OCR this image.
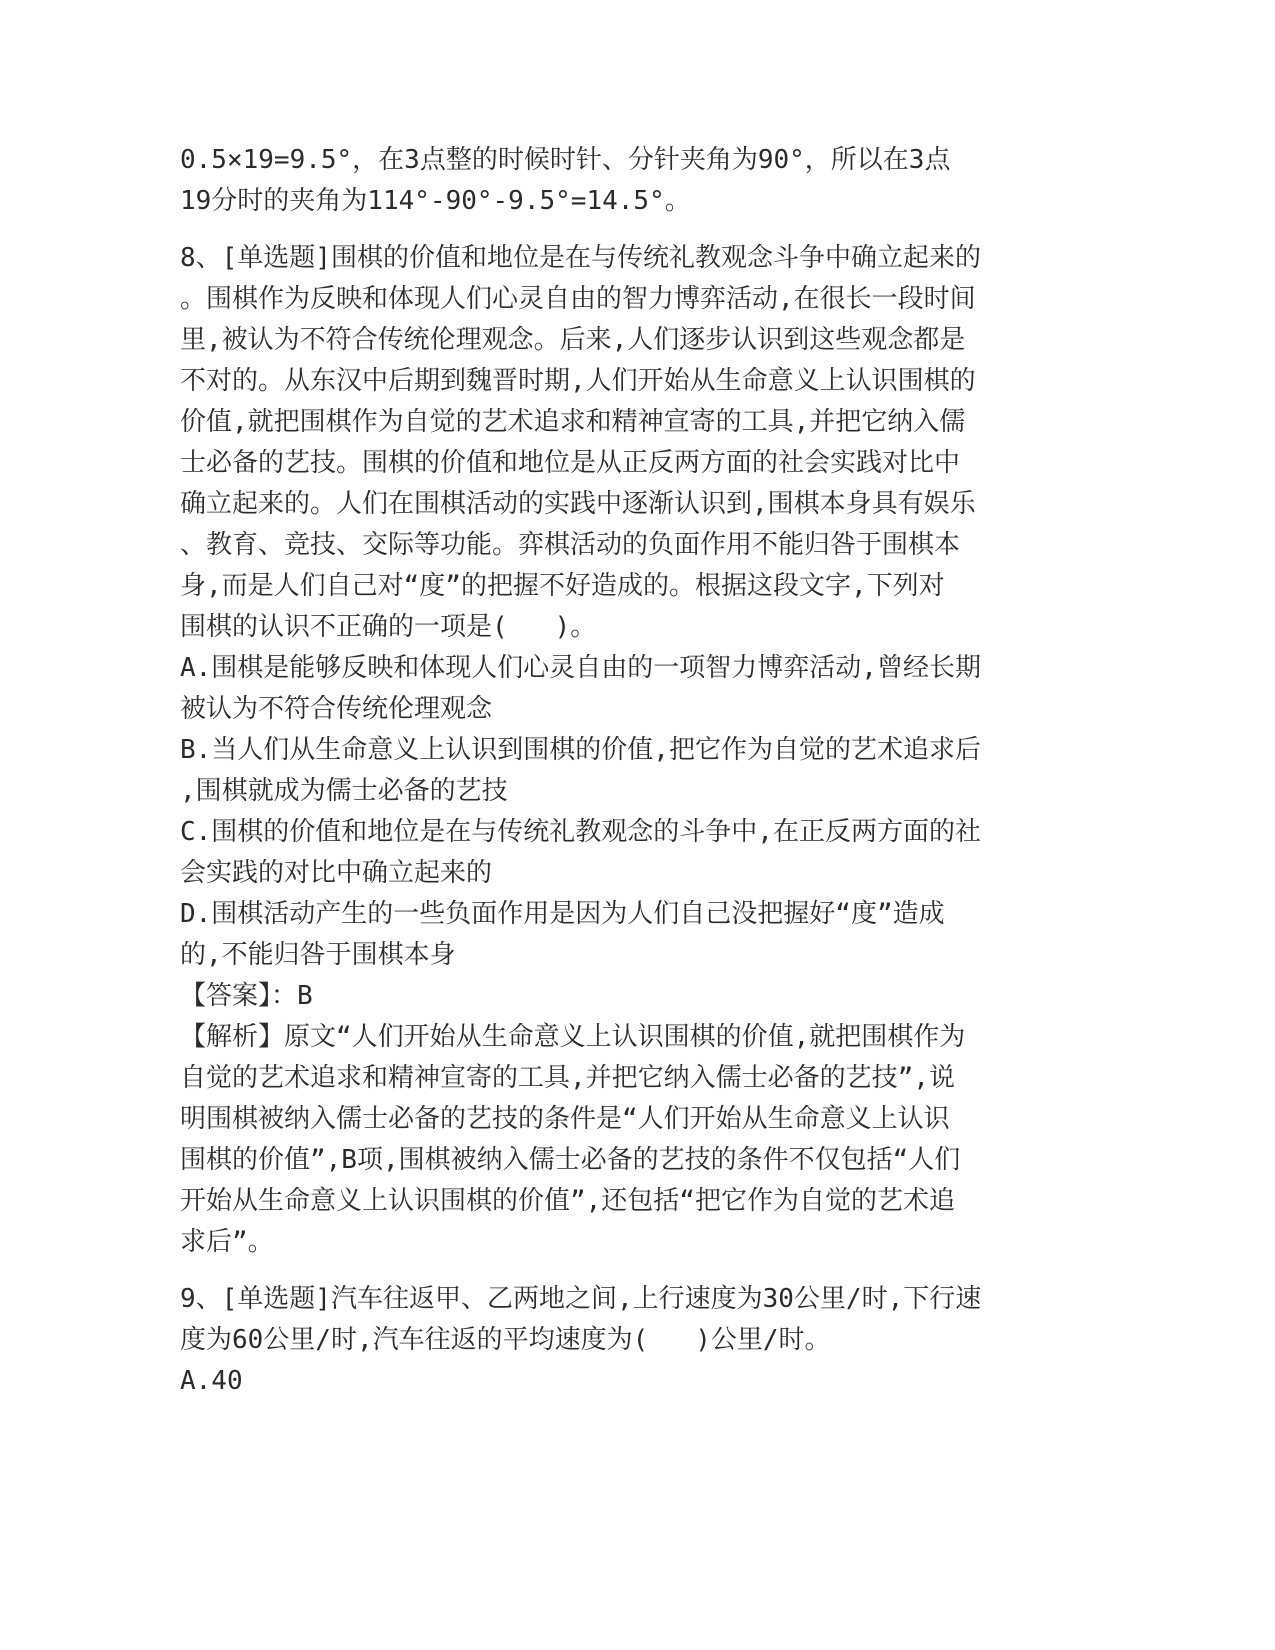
0.5×19=9.5°，在3点整的时候时针、分针夹角为90°，所以在3点
19分时的夹角为114°-90°-9.5°=14.5°。
8、[单选题]围棋的价值和地位是在与传统礼教观念斗争中确立起来的
。围棋作为反映和体现人们心灵自由的智力博弈活动,在很长一段时间
里,被认为不符合传统伦理观念。后来,人们逐步认识到这些观念都是
不对的。从东汉中后期到魏晋时期,人们开始从生命意义上认识围棋的
价值,就把围棋作为自觉的艺术追求和精神宣寄的工具,并把它纳入儒
士必备的艺技。围棋的价值和地位是从正反两方面的社会实践对比中
确立起来的。人们在围棋活动的实践中逐渐认识到,围棋本身具有娱乐
、教育、竞技、交际等功能。弈棋活动的负面作用不能归咎于围棋本
身,而是人们自己对“度”的把握不好造成的。根据这段文字,下列对
围棋的认识不正确的一项是(   )。
A.围棋是能够反映和体现人们心灵自由的一项智力博弈活动,曾经长期
被认为不符合传统伦理观念
B.当人们从生命意义上认识到围棋的价值,把它作为自觉的艺术追求后
,围棋就成为儒士必备的艺技
C.围棋的价值和地位是在与传统礼教观念的斗争中,在正反两方面的社
会实践的对比中确立起来的
D.围棋活动产生的一些负面作用是因为人们自己没把握好“度”造成
的,不能归咎于围棋本身
【答案】：B
【解析】原文“人们开始从生命意义上认识围棋的价值,就把围棋作为
自觉的艺术追求和精神宣寄的工具,并把它纳入儒士必备的艺技”,说
明围棋被纳入儒士必备的艺技的条件是“人们开始从生命意义上认识
围棋的价值”,B项,围棋被纳入儒士必备的艺技的条件不仅包括“人们
开始从生命意义上认识围棋的价值”,还包括“把它作为自觉的艺术追
求后”。
9、[单选题]汽车往返甲、乙两地之间,上行速度为30公里/时,下行速
度为60公里/时,汽车往返的平均速度为(   )公里/时。
A.40
